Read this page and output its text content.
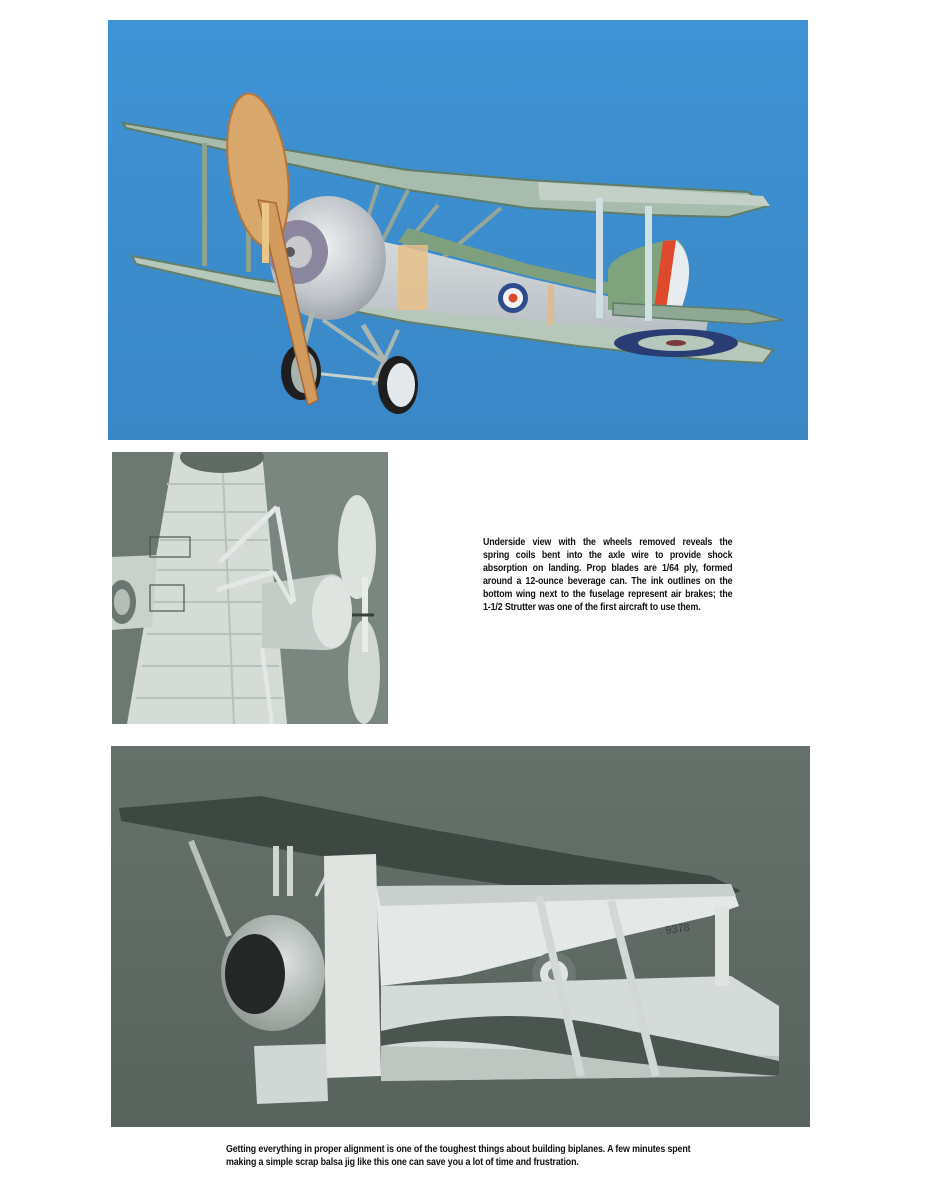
Underside view with the wheels removed reveals the
spring coils bent into the axle wire to provide shock
absorption on landing. Prop blades are 1/64 ply, formed
around a 12-ounce beverage can. The ink outlines on the
bottom wing next to the fuselage represent air brakes; the
1-1/2 Strutter was one of the first aircraft to use them.
9378
Getting everything in proper alignment is one of the toughest things about building biplanes. A few minutes spent
making a simple scrap balsa jig like this one can save you a lot of time and frustration.
